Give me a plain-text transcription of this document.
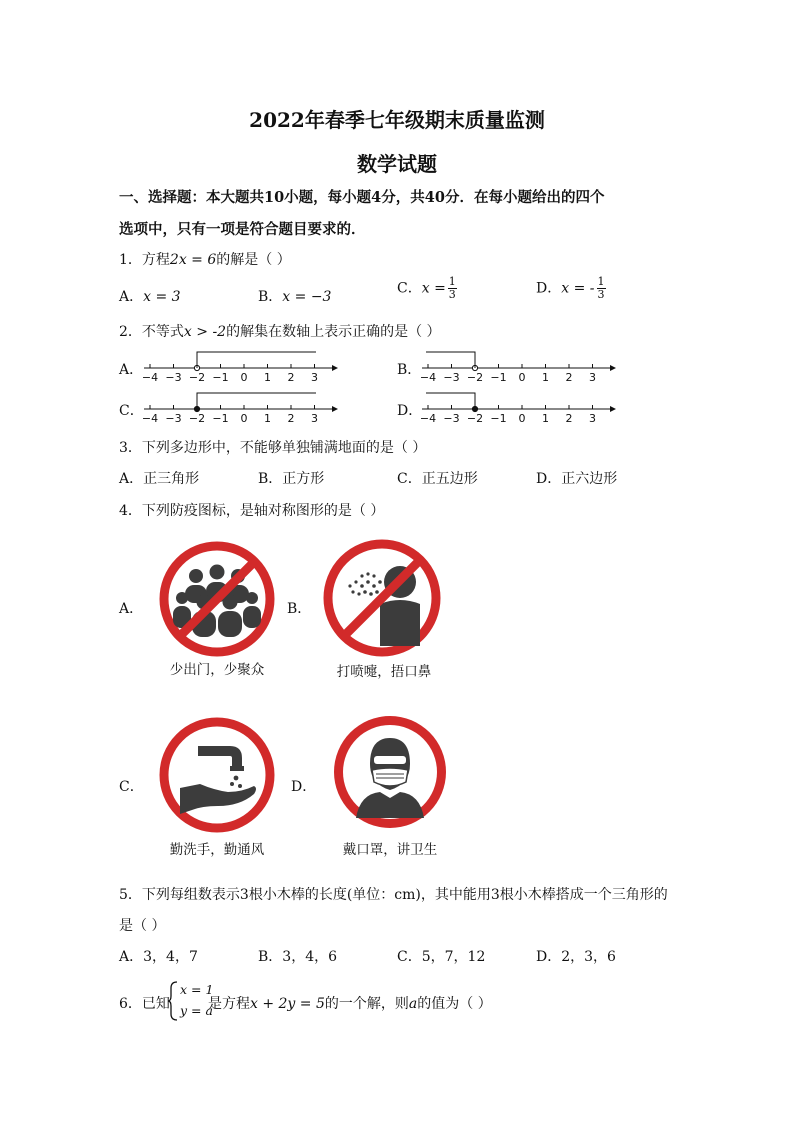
2022年春季七年级期末质量监测
数学试题
一、选择题：本大题共10小题，每小题4分，共40分．在每小题给出的四个
选项中，只有一项是符合题目要求的．
1．方程2x = 6的解是（ ）
A．x = 3	B．x = −3
C．$x = \frac{1}{3}$	D．x = - $\frac{1}{3}$
2．不等式x > -2的解集在数轴上表示正确的是（ ）
A．	B．
C．	D．
−4 −3 −2 −1 0 1 2 3	−4 −3 −2 −1 0 1 2 3
−4 −3 −2 −1 0 1 2 3	−4 −3 −2 −1 0 1 2 3
3．下列多边形中，不能够单独铺满地面的是（ ）
A．正三角形	B．正方形	C．正五边形	D．正六边形
4．下列防疫图标，是轴对称图形的是（ ）
A．	B．
C．	D．
少出门，少聚众	打喷嚏，捂口鼻
勤洗手，勤通风	戴口罩，讲卫生
5．下列每组数表示3根小木棒的长度(单位：cm)，其中能用3根小木棒搭成一个三角形的
是（ ）
A．3，4，7	B．3，4，6	C．5，7，12	D．2，3，6
6．已知
x = 1
y = a
是方程x + 2y = 5的一个解，则a的值为（ ）
